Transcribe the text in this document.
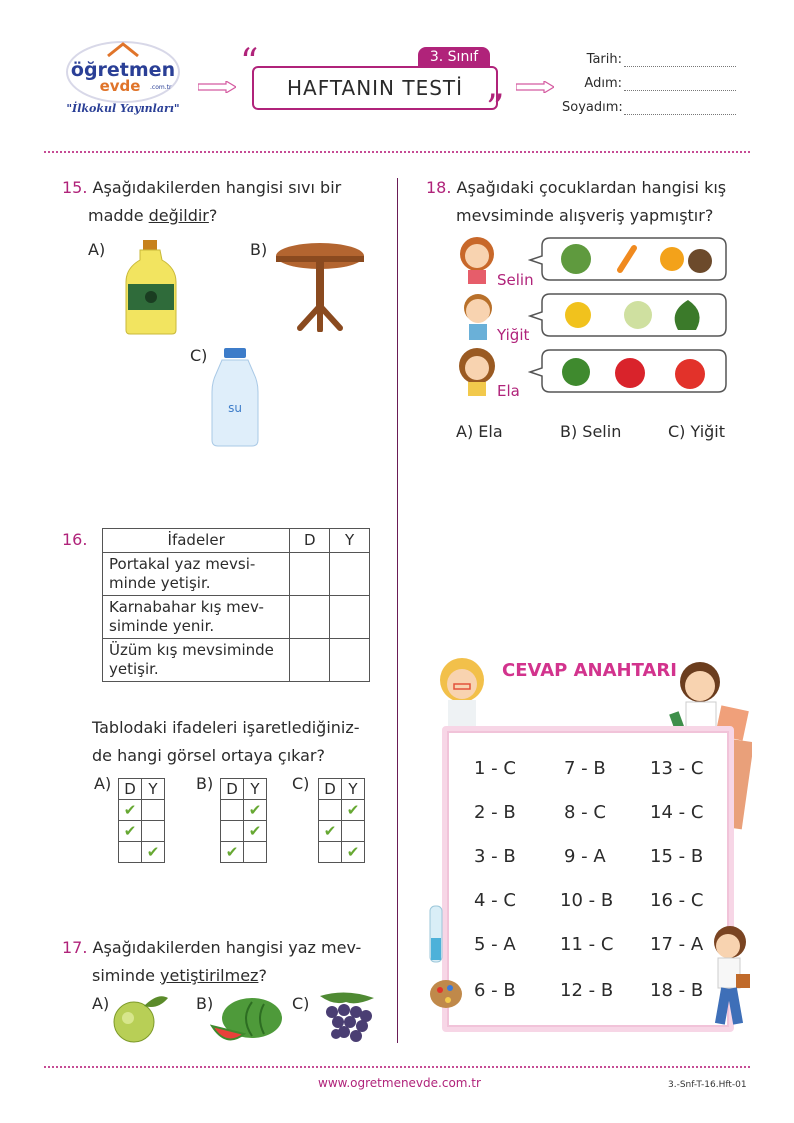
öğretmen
evde .com.tr
"İlkokul Yayınları"
“	3. Sınıf
HAFTANIN TESTİ ”
Tarih:
Adım:
Soyadım:
15. Aşağıdakilerden hangisi sıvı bir
madde değildir?
A)	B)
C)
su
16.	İfadeler	D	Y
Portakal yaz mevsi-
minde yetişir.		
Karnabahar kış mev-
siminde yenir.		
Üzüm kış mevsiminde
yetişir.		
Tablodaki ifadeleri işaretlediğiniz-
de hangi görsel ortaya çıkar?
A) D	Y
✔	
✔	
	✔
B) D	Y
	✔
	✔
✔	
C) D	Y
	✔
✔	
	✔
17. Aşağıdakilerden hangisi yaz mev-
siminde yetiştirilmez?
A)	B)	C)
18. Aşağıdaki çocuklardan hangisi kış
mevsiminde alışveriş yapmıştır?
Selin
Yiğit
Ela
A) Ela	B) Selin	C) Yiğit
CEVAP ANAHTARI
1 - C	7 - B 13 - C
2 - B	8 - C 14 - C
3 - B	9 - A 15 - B
4 - C 10 - B 16 - C
5 - A 11 - C 17 - A
6 - B 12 - B 18 - B
www.ogretmenevde.com.tr	3.-Snf-T-16.Hft-01
